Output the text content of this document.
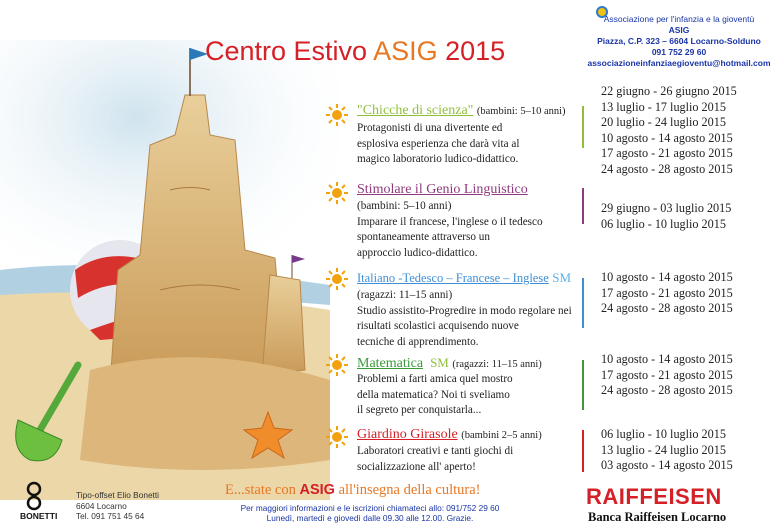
Centro Estivo ASIG 2015
Associazione per l'infanzia e la gioventù
ASIG
Piazza, C.P. 323 – 6604 Locarno-Solduno
091 752 29 60
associazioneinfanziaegioventu@hotmail.com
"Chicche di scienza" (bambini: 5–10 anni)
Protagonisti di una divertente ed
esplosiva esperienza che darà vita al
magico laboratorio ludico-didattico.
22 giugno - 26 giugno 2015
13 luglio - 17 luglio 2015
20 luglio - 24 luglio 2015
10 agosto - 14 agosto 2015
17 agosto - 21 agosto 2015
24 agosto - 28 agosto 2015
Stimolare il Genio Linguistico
(bambini: 5–10 anni)
Imparare il francese, l'inglese o il tedesco
spontaneamente attraverso un
approccio ludico-didattico.
29 giugno - 03 luglio 2015
06 luglio - 10 luglio 2015
Italiano -Tedesco – Francese – Inglese SM
(ragazzi: 11–15 anni)
Studio assistito-Progredire in modo regolare nei
risultati scolastici acquisendo nuove
tecniche di apprendimento.
10 agosto - 14 agosto 2015
17 agosto - 21 agosto 2015
24 agosto - 28 agosto 2015
Matematica SM (ragazzi: 11–15 anni)
Problemi a farti amica quel mostro
della matematica? Noi ti sveliamo
il segreto per conquistarla...
10 agosto - 14 agosto 2015
17 agosto - 21 agosto 2015
24 agosto - 28 agosto 2015
Giardino Girasole (bambini 2–5 anni)
Laboratori creativi e tanti giochi di
socializzazione all' aperto!
06 luglio - 10 luglio 2015
13 luglio - 24 luglio 2015
03 agosto - 14 agosto 2015
BONETTI
Tipo-offset Elio Bonetti
6604 Locarno
Tel. 091 751 45 64
E...state con ASIG all'insegna della cultura!
Per maggiori informazioni e le iscrizioni chiamateci allo: 091/752 29 60
Lunedì, martedì e giovedì dalle 09.30 alle 12.00. Grazie.
RAIFFEISEN
Banca Raiffeisen Locarno
